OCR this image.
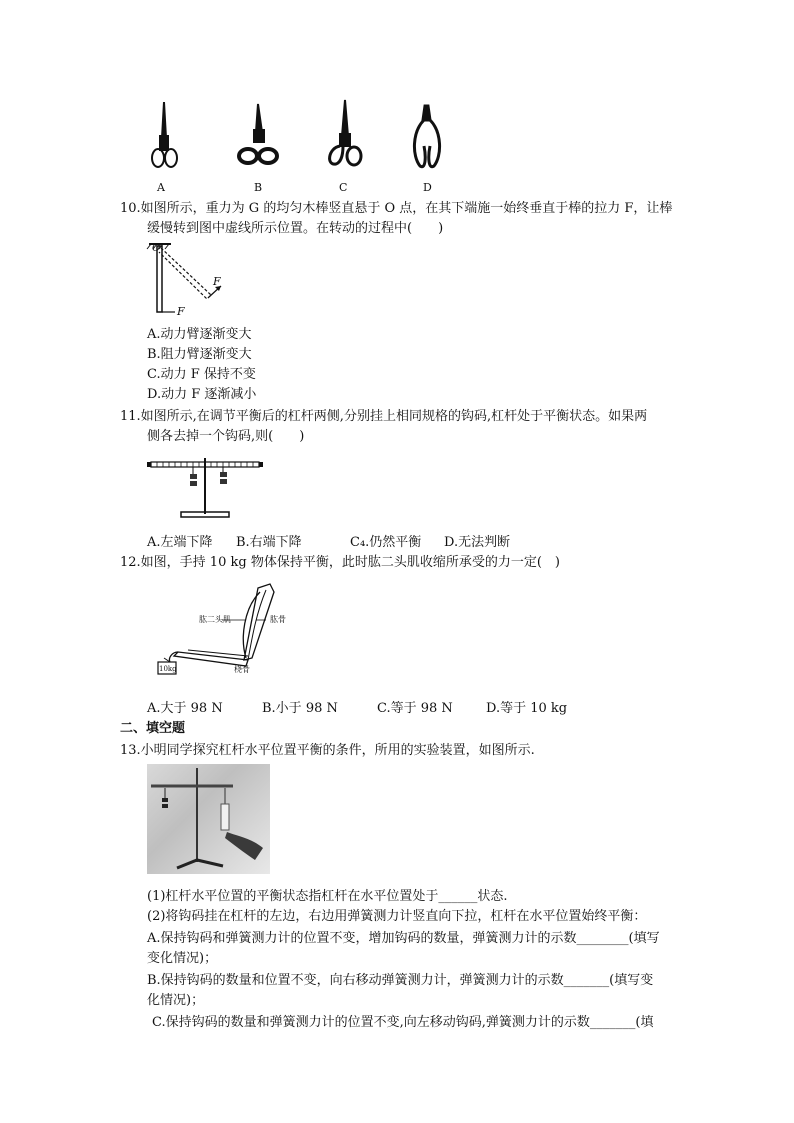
A	B	C	D
10.如图所示，重力为 G 的均匀木棒竖直悬于 O 点，在其下端施一始终垂直于棒的拉力 F，让棒
缓慢转到图中虚线所示位置。在转动的过程中(　　)
O
F
F
A.动力臂逐渐变大
B.阻力臂逐渐变大
C.动力 F 保持不变
D.动力 F 逐渐减小
11.如图所示,在调节平衡后的杠杆两侧,分别挂上相同规格的钩码,杠杆处于平衡状态。如果两
侧各去掉一个钩码,则(　　)
A.左端下降 B.右端下降	C₄.仍然平衡 D.无法判断
12.如图，手持 10 kg 物体保持平衡，此时肱二头肌收缩所承受的力一定(　)
肱二头肌	肱骨
桡骨
10kg
A.大于 98 N	B.小于 98 N	C.等于 98 N	D.等于 10 kg
二、填空题
13.小明同学探究杠杆水平位置平衡的条件，所用的实验装置，如图所示.
(1)杠杆水平位置的平衡状态指杠杆在水平位置处于______状态.
(2)将钩码挂在杠杆的左边，右边用弹簧测力计竖直向下拉，杠杆在水平位置始终平衡：
A.保持钩码和弹簧测力计的位置不变，增加钩码的数量，弹簧测力计的示数________(填写
变化情况)；
B.保持钩码的数量和位置不变，向右移动弹簧测力计，弹簧测力计的示数_______(填写变
化情况)；
C.保持钩码的数量和弹簧测力计的位置不变,向左移动钩码,弹簧测力计的示数_______(填
